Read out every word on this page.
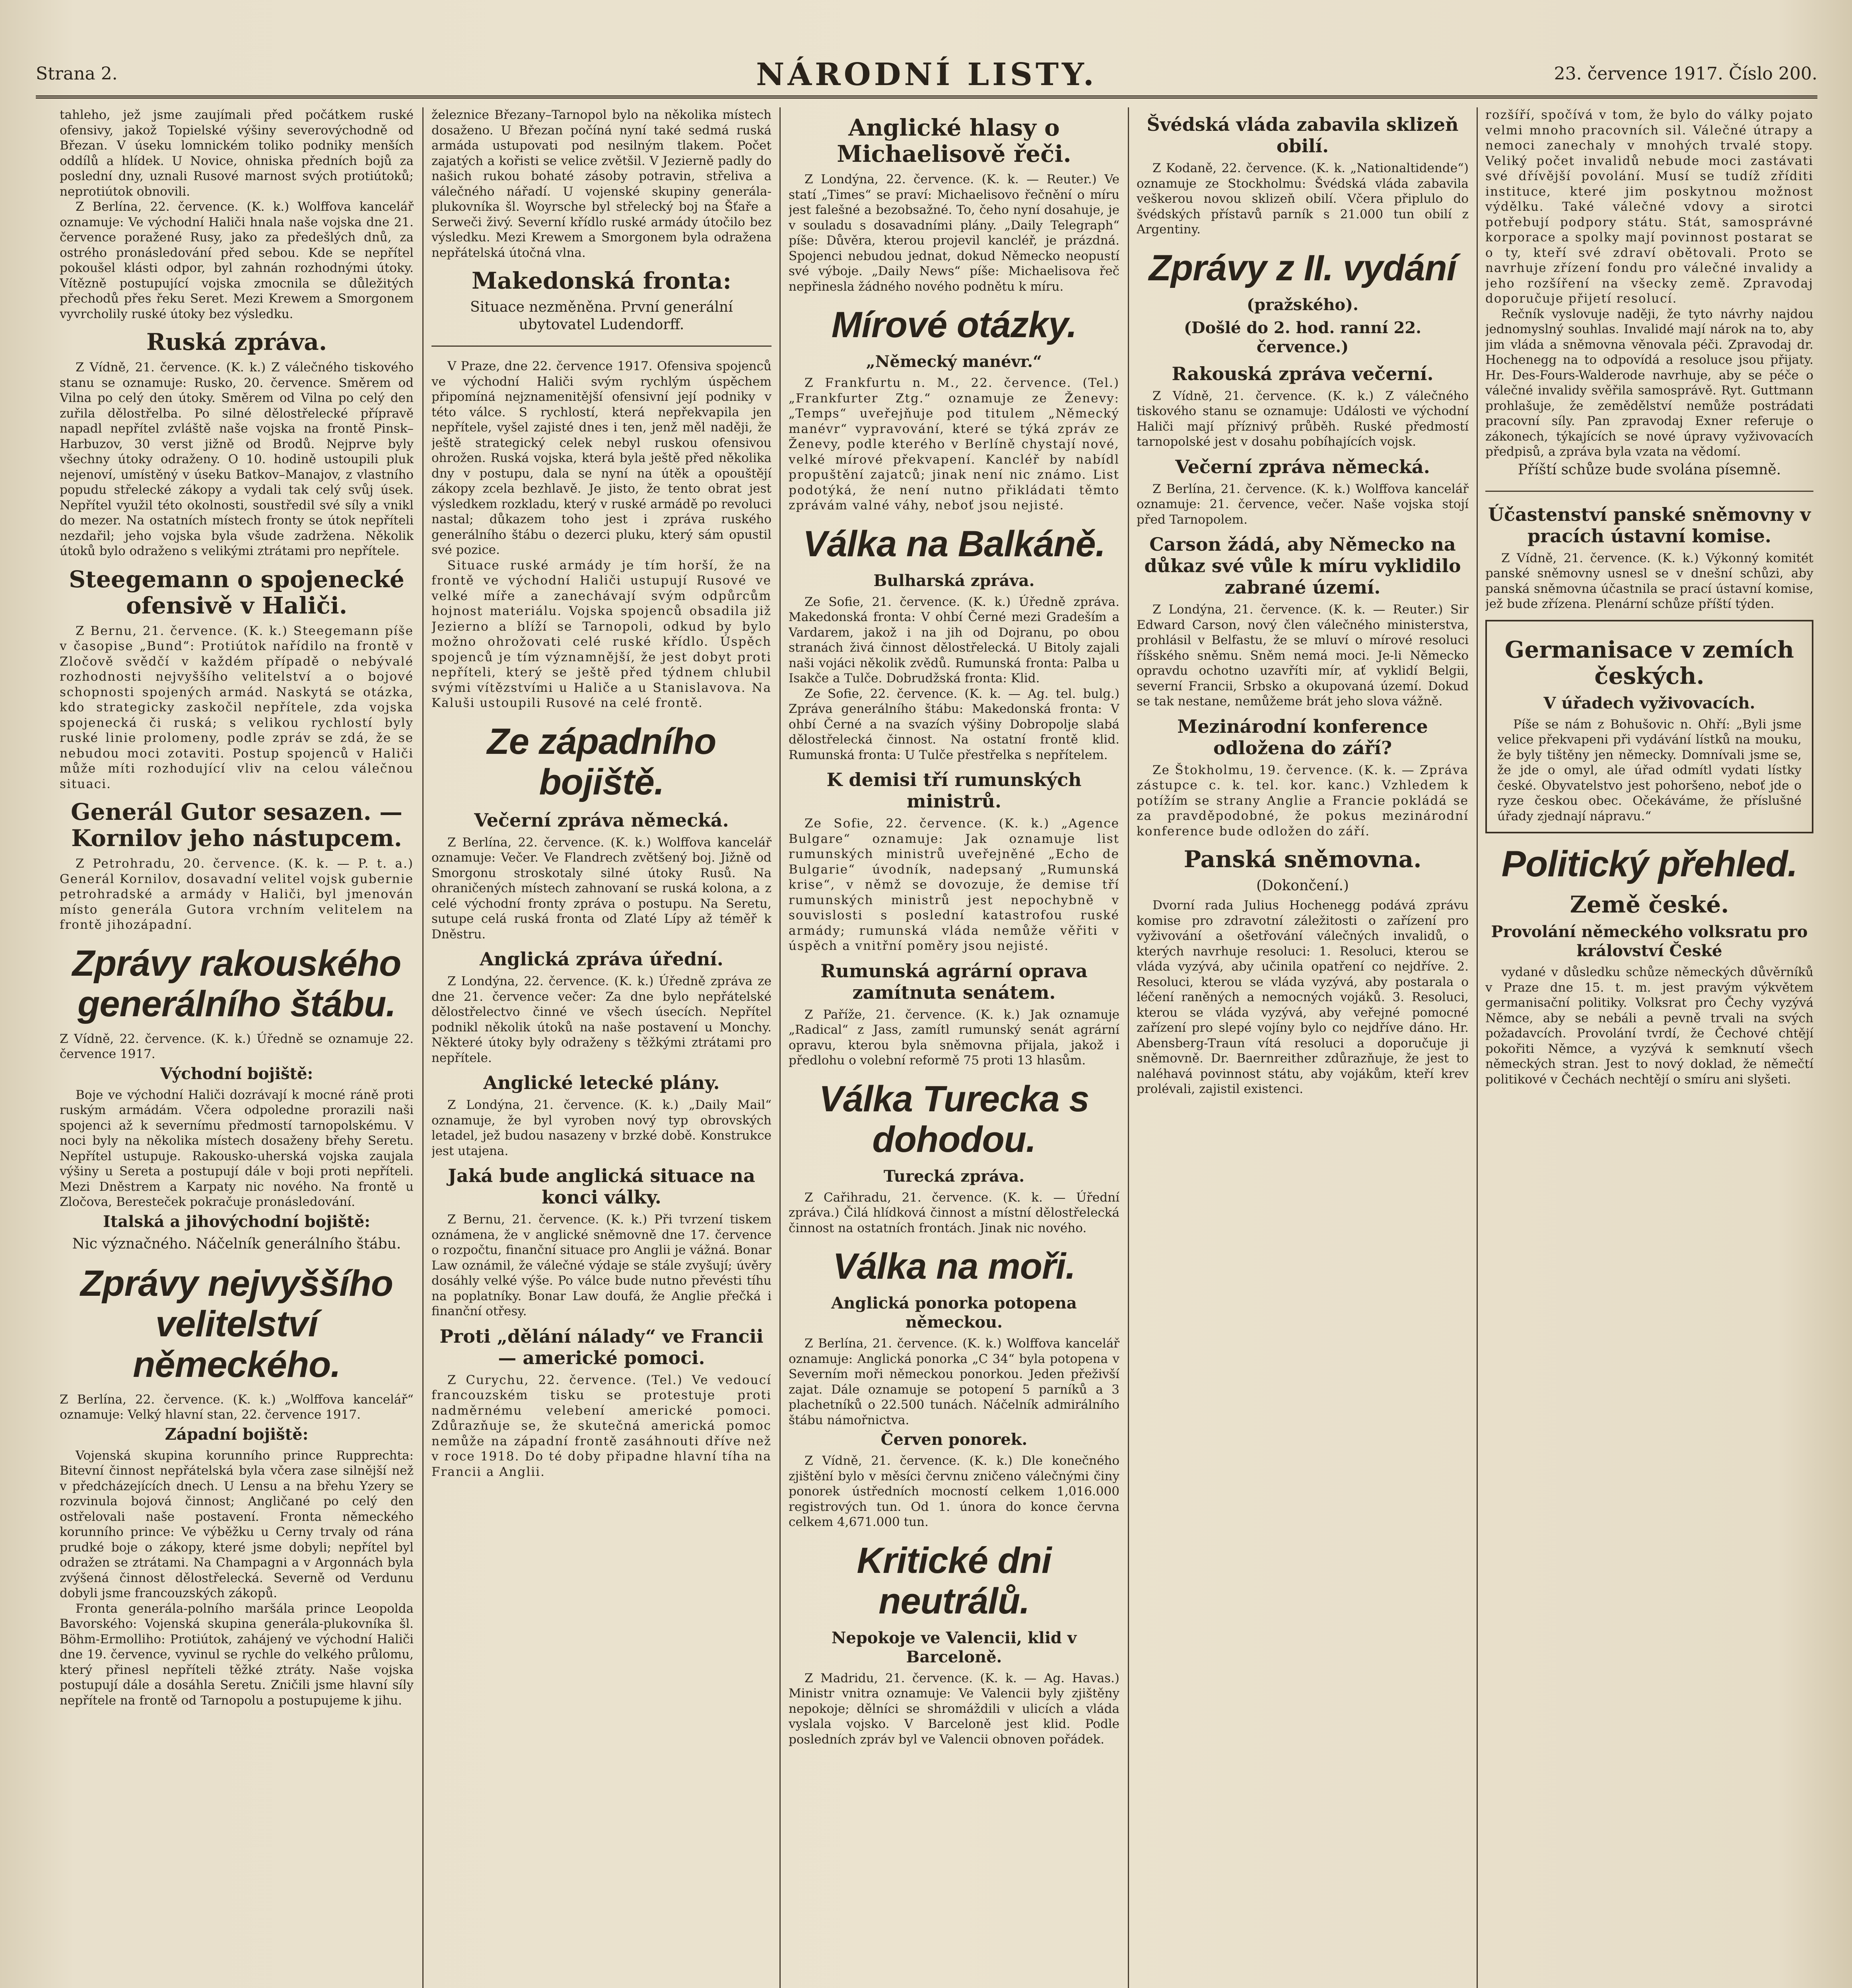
Strana 2.	NÁRODNÍ LISTY.	23. července 1917. Číslo 200.

tahleho, jež jsme zaujímali před počátkem ruské ofensivy, jakož Topielské výšiny severovýchodně od Březan. V úseku lomnickém toliko podniky menších oddílů a hlídek. U Novice, ohniska předních bojů za poslední dny, uznali Rusové marnost svých protiútoků; neprotiútok obnovili.

Z Berlína, 22. července. (K. k.) Wolffova kancelář oznamuje: Ve východní Haliči hnala naše vojska dne 21. července poražené Rusy, jako za předešlých dnů, za ostrého pronásledování před sebou. Kde se nepřítel pokoušel klásti odpor, byl zahnán rozhodnými útoky. Vítězně postupující vojska zmocnila se důležitých přechodů přes řeku Seret. Mezi Krewem a Smorgonem vyvrcholily ruské útoky bez výsledku.

Ruská zpráva.

Z Vídně, 21. července. (K. k.) Z válečného tiskového stanu se oznamuje: Rusko, 20. července. Směrem od Vilna po celý den útoky. Směrem od Vilna po celý den zuřila dělostřelba. Po silné dělostřelecké přípravě napadl nepřítel zvláště naše vojska na frontě Pinsk–Harbuzov, 30 verst jižně od Brodů. Nejprve byly všechny útoky odraženy. O 10. hodině ustoupili pluk nejenoví, umístěný v úseku Batkov–Manajov, z vlastního popudu střelecké zákopy a vydali tak celý svůj úsek. Nepřítel využil této okolnosti, soustředil své síly a vnikl do mezer. Na ostatních místech fronty se útok nepříteli nezdařil; jeho vojska byla všude zadržena. Několik útoků bylo odraženo s velikými ztrátami pro nepřítele.

Steegemann o spojenecké ofensivě v Haliči.

Z Bernu, 21. července. (K. k.) Steegemann píše v časopise „Bund“: Protiútok nařídilo na frontě v Zločově svědčí v každém případě o nebývalé rozhodnosti nejvyššího velitelství a o bojové schopnosti spojených armád. Naskytá se otázka, kdo strategicky zaskočil nepřítele, zda vojska spojenecká či ruská; s velikou rychlostí byly ruské linie prolomeny, podle zpráv se zdá, že se nebudou moci zotaviti. Postup spojenců v Haliči může míti rozhodující vliv na celou válečnou situaci.

Generál Gutor sesazen. — Kornilov jeho nástupcem.

Z Petrohradu, 20. července. (K. k. — P. t. a.) Generál Kornilov, dosavadní velitel vojsk gubernie petrohradské a armády v Haliči, byl jmenován místo generála Gutora vrchním velitelem na frontě jihozápadní.

Zprávy rakouského generálního štábu.

Z Vídně, 22. července. (K. k.) Úředně se oznamuje 22. července 1917.

Východní bojiště:

Boje ve východní Haliči dozrávají k mocné ráně proti ruským armádám. Včera odpoledne prorazili naši spojenci až k severnímu předmostí tarnopolskému. V noci byly na několika místech dosaženy břehy Seretu. Nepřítel ustupuje. Rakousko-uherská vojska zaujala výšiny u Sereta a postupují dále v boji proti nepříteli. Mezi Dněstrem a Karpaty nic nového. Na frontě u Zločova, Beresteček pokračuje pronásledování.

Italská a jihovýchodní bojiště:

Nic význačného. Náčelník generálního štábu.

Zprávy nejvyššího velitelství německého.

Z Berlína, 22. července. (K. k.) „Wolffova kancelář“ oznamuje: Velký hlavní stan, 22. července 1917.

Západní bojiště:

Vojenská skupina korunního prince Rupprechta: Bitevní činnost nepřátelská byla včera zase silnější než v předcházejících dnech. U Lensu a na břehu Yzery se rozvinula bojová činnost; Angličané po celý den ostřelovali naše postavení. Fronta německého korunního prince: Ve výběžku u Cerny trvaly od rána prudké boje o zákopy, které jsme dobyli; nepřítel byl odražen se ztrátami. Na Champagni a v Argonnách byla zvýšená činnost dělostřelecká. Severně od Verdunu dobyli jsme francouzských zákopů.

Fronta generála-polního maršála prince Leopolda Bavorského: Vojenská skupina generála-plukovníka šl. Böhm-Ermolliho: Protiútok, zahájený ve východní Haliči dne 19. července, vyvinul se rychle do velkého průlomu, který přinesl nepříteli těžké ztráty. Naše vojska postupují dále a dosáhla Seretu. Zničili jsme hlavní síly nepřítele na frontě od Tarnopolu a postupujeme k jihu.

železnice Březany–Tarnopol bylo na několika místech dosaženo. U Březan počíná nyní také sedmá ruská armáda ustupovati pod nesilným tlakem. Počet zajatých a kořisti se velice zvětšil. V Jezierně padly do našich rukou bohaté zásoby potravin, střeliva a válečného nářadí. U vojenské skupiny generála-plukovníka šl. Woyrsche byl střelecký boj na Šťaře a Serweči živý. Severní křídlo ruské armády útočilo bez výsledku. Mezi Krewem a Smorgonem byla odražena nepřátelská útočná vlna.

Makedonská fronta:

Situace nezměněna. První generální ubytovatel Ludendorff.

V Praze, dne 22. července 1917. Ofensiva spojenců ve východní Haliči svým rychlým úspěchem připomíná nejznamenitější ofensivní její podniky v této válce. S rychlostí, která nepřekvapila jen nepřítele, vyšel zajisté dnes i ten, jenž měl naději, že ještě strategický celek nebyl ruskou ofensivou ohrožen. Ruská vojska, která byla ještě před několika dny v postupu, dala se nyní na útěk a opouštějí zákopy zcela bezhlavě. Je jisto, že tento obrat jest výsledkem rozkladu, který v ruské armádě po revoluci nastal; důkazem toho jest i zpráva ruského generálního štábu o dezerci pluku, který sám opustil své pozice.

Situace ruské armády je tím horší, že na frontě ve východní Haliči ustupují Rusové ve velké míře a zanechávají svým odpůrcům hojnost materiálu. Vojska spojenců obsadila již Jezierno a blíží se Tarnopoli, odkud by bylo možno ohrožovati celé ruské křídlo. Úspěch spojenců je tím významnější, že jest dobyt proti nepříteli, který se ještě před týdnem chlubil svými vítězstvími u Haliče a u Stanislavova. Na Kaluši ustoupili Rusové na celé frontě.

Ze západního bojiště.
Večerní zpráva německá.

Z Berlína, 22. července. (K. k.) Wolffova kancelář oznamuje: Večer. Ve Flandrech zvětšený boj. Jižně od Smorgonu stroskotaly silné útoky Rusů. Na ohraničených místech zahnovaní se ruská kolona, a z celé východní fronty zpráva o postupu. Na Seretu, sutupe celá ruská fronta od Zlaté Lípy až téměř k Dněstru.

Anglická zpráva úřední.

Z Londýna, 22. července. (K. k.) Úředně zpráva ze dne 21. července večer: Za dne bylo nepřátelské dělostřelectvo činné ve všech úsecích. Nepřítel podnikl několik útoků na naše postavení u Monchy. Některé útoky byly odraženy s těžkými ztrátami pro nepřítele.

Anglické letecké plány.

Z Londýna, 21. července. (K. k.) „Daily Mail“ oznamuje, že byl vyroben nový typ obrovských letadel, jež budou nasazeny v brzké době. Konstrukce jest utajena.

Jaká bude anglická situace na konci války.

Z Bernu, 21. července. (K. k.) Při tvrzení tiskem oznámena, že v anglické sněmovně dne 17. července o rozpočtu, finanční situace pro Anglii je vážná. Bonar Law oznámil, že válečné výdaje se stále zvyšují; úvěry dosáhly velké výše. Po válce bude nutno převésti tíhu na poplatníky. Bonar Law doufá, že Anglie přečká i finanční otřesy.

Proti „dělání nálady“ ve Francii — americké pomoci.

Z Curychu, 22. července. (Tel.) Ve vedoucí francouzském tisku se protestuje proti nadměrnému velebení americké pomoci. Zdůrazňuje se, že skutečná americká pomoc nemůže na západní frontě zasáhnouti dříve než v roce 1918. Do té doby připadne hlavní tíha na Francii a Anglii.

Anglické hlasy o Michaelisově řeči.

Z Londýna, 22. července. (K. k. — Reuter.) Ve statí „Times“ se praví: Michaelisovo řečnění o míru jest falešné a bezobsažné. To, čeho nyní dosahuje, je v souladu s dosavadními plány. „Daily Telegraph“ píše: Důvěra, kterou projevil kancléř, je prázdná. Spojenci nebudou jednat, dokud Německo neopustí své výboje. „Daily News“ píše: Michaelisova řeč nepřinesla žádného nového podnětu k míru.

Mírové otázky.
„Německý manévr.“

Z Frankfurtu n. M., 22. července. (Tel.) „Frankfurter Ztg.“ oznamuje ze Ženevy: „Temps“ uveřejňuje pod titulem „Německý manévr“ vypravování, které se týká zpráv ze Ženevy, podle kterého v Berlíně chystají nové, velké mírové překvapení. Kancléř by nabídl propuštění zajatců; jinak není nic známo. List podotýká, že není nutno přikládati těmto zprávám valné váhy, neboť jsou nejisté.

Válka na Balkáně.
Bulharská zpráva.

Ze Sofie, 21. července. (K. k.) Úředně zpráva. Makedonská fronta: V ohbí Černé mezi Gradeším a Vardarem, jakož i na jih od Dojranu, po obou stranách živá činnost dělostřelecká. U Bitoly zajali naši vojáci několik zvědů. Rumunská fronta: Palba u Isakče a Tulče. Dobrudžská fronta: Klid.

Ze Sofie, 22. července. (K. k. — Ag. tel. bulg.) Zpráva generálního štábu: Makedonská fronta: V ohbí Černé a na svazích výšiny Dobropolje slabá dělostřelecká činnost. Na ostatní frontě klid. Rumunská fronta: U Tulče přestřelka s nepřítelem.

K demisi tří rumunských ministrů.

Ze Sofie, 22. července. (K. k.) „Agence Bulgare“ oznamuje: Jak oznamuje list rumunských ministrů uveřejněné „Echo de Bulgarie“ úvodník, nadepsaný „Rumunská krise“, v němž se dovozuje, že demise tří rumunských ministrů jest nepochybně v souvislosti s poslední katastrofou ruské armády; rumunská vláda nemůže věřiti v úspěch a vnitřní poměry jsou nejisté.

Rumunská agrární oprava zamítnuta senátem.

Z Paříže, 21. července. (K. k.) Jak oznamuje „Radical“ z Jass, zamítl rumunský senát agrární opravu, kterou byla sněmovna přijala, jakož i předlohu o volební reformě 75 proti 13 hlasům.

Válka Turecka s dohodou.
Turecká zpráva.

Z Cařihradu, 21. července. (K. k. — Úřední zpráva.) Čilá hlídková činnost a místní dělostřelecká činnost na ostatních frontách. Jinak nic nového.

Válka na moři.
Anglická ponorka potopena německou.

Z Berlína, 21. července. (K. k.) Wolffova kancelář oznamuje: Anglická ponorka „C 34“ byla potopena v Severním moři německou ponorkou. Jeden přeživší zajat. Dále oznamuje se potopení 5 parníků a 3 plachetníků o 22.500 tunách. Náčelník admirálního štábu námořnictva.

Červen ponorek.

Z Vídně, 21. července. (K. k.) Dle konečného zjištění bylo v měsíci červnu zničeno válečnými činy ponorek ústředních mocností celkem 1,016.000 registrových tun. Od 1. února do konce června celkem 4,671.000 tun.

Kritické dni neutrálů.
Nepokoje ve Valencii, klid v Barceloně.

Z Madridu, 21. července. (K. k. — Ag. Havas.) Ministr vnitra oznamuje: Ve Valencii byly zjištěny nepokoje; dělníci se shromáždili v ulicích a vláda vyslala vojsko. V Barceloně jest klid. Podle posledních zpráv byl ve Valencii obnoven pořádek.

Švédská vláda zabavila sklizeň obilí.

Z Kodaně, 22. července. (K. k. „Nationaltidende“) oznamuje ze Stockholmu: Švédská vláda zabavila veškerou novou sklizeň obilí. Včera připlulo do švédských přístavů parník s 21.000 tun obilí z Argentiny.

Zprávy z II. vydání
(pražského).
(Došlé do 2. hod. ranní 22. července.)
Rakouská zpráva večerní.

Z Vídně, 21. července. (K. k.) Z válečného tiskového stanu se oznamuje: Události ve východní Haliči mají příznivý průběh. Ruské předmostí tarnopolské jest v dosahu pobíhajících vojsk.

Večerní zpráva německá.

Z Berlína, 21. července. (K. k.) Wolffova kancelář oznamuje: 21. července, večer. Naše vojska stojí před Tarnopolem.

Carson žádá, aby Německo na důkaz své vůle k míru vyklidilo zabrané území.

Z Londýna, 21. července. (K. k. — Reuter.) Sir Edward Carson, nový člen válečného ministerstva, prohlásil v Belfastu, že se mluví o mírové resoluci říšského sněmu. Sněm nemá moci. Je-li Německo opravdu ochotno uzavříti mír, ať vyklidí Belgii, severní Francii, Srbsko a okupovaná území. Dokud se tak nestane, nemůžeme brát jeho slova vážně.

Mezinárodní konference odložena do září?

Ze Štokholmu, 19. července. (K. k. — Zpráva zástupce c. k. tel. kor. kanc.) Vzhledem k potížím se strany Anglie a Francie pokládá se za pravděpodobné, že pokus mezinárodní konference bude odložen do září.

Panská sněmovna.
(Dokončení.)

Dvorní rada Julius Hochenegg podává zprávu komise pro zdravotní záležitosti o zařízení pro vyživování a ošetřování válečných invalidů, o kterých navrhuje resoluci: 1. Resoluci, kterou se vláda vyzývá, aby učinila opatření co nejdříve. 2. Resoluci, kterou se vláda vyzývá, aby postarala o léčení raněných a nemocných vojáků. 3. Resoluci, kterou se vláda vyzývá, aby veřejné pomocné zařízení pro slepé vojíny bylo co nejdříve dáno. Hr. Abensberg-Traun vítá resoluci a doporučuje ji sněmovně. Dr. Baernreither zdůrazňuje, že jest to naléhavá povinnost státu, aby vojákům, kteří krev prolévali, zajistil existenci.

rozšíří, spočívá v tom, že bylo do války pojato velmi mnoho pracovních sil. Válečné útrapy a nemoci zanechaly v mnohých trvalé stopy. Veliký počet invalidů nebude moci zastávati své dřívější povolání. Musí se tudíž zříditi instituce, které jim poskytnou možnost výdělku. Také válečné vdovy a sirotci potřebují podpory státu. Stát, samosprávné korporace a spolky mají povinnost postarat se o ty, kteří své zdraví obětovali. Proto se navrhuje zřízení fondu pro válečné invalidy a jeho rozšíření na všecky země. Zpravodaj doporučuje přijetí resolucí.

Rečník vyslovuje naději, že tyto návrhy najdou jednomyslný souhlas. Invalidé mají nárok na to, aby jim vláda a sněmovna věnovala péči. Zpravodaj dr. Hochenegg na to odpovídá a resoluce jsou přijaty. Hr. Des-Fours-Walderode navrhuje, aby se péče o válečné invalidy svěřila samosprávě. Ryt. Guttmann prohlašuje, že zemědělství nemůže postrádati pracovní síly. Pan zpravodaj Exner referuje o zákonech, týkajících se nové úpravy vyživovacích předpisů, a zpráva byla vzata na vědomí.

Příští schůze bude svolána písemně.

Účastenství panské sněmovny v pracích ústavní komise.

Z Vídně, 21. července. (K. k.) Výkonný komitét panské sněmovny usnesl se v dnešní schůzi, aby panská sněmovna účastnila se prací ústavní komise, jež bude zřízena. Plenární schůze příští týden.

Germanisace v zemích českých.
V úřadech vyživovacích.

Píše se nám z Bohušovic n. Ohří: „Byli jsme velice překvapeni při vydávání lístků na mouku, že byly tištěny jen německy. Domnívali jsme se, že jde o omyl, ale úřad odmítl vydati lístky české. Obyvatelstvo jest pohoršeno, neboť jde o ryze českou obec. Očekáváme, že příslušné úřady zjednají nápravu.“

Politický přehled.
Země české.
Provolání německého volksratu pro království České

vydané v důsledku schůze německých důvěrníků v Praze dne 15. t. m. jest pravým výkvětem germanisační politiky. Volksrat pro Čechy vyzývá Němce, aby se nebáli a pevně trvali na svých požadavcích. Provolání tvrdí, že Čechové chtějí pokořiti Němce, a vyzývá k semknutí všech německých stran. Jest to nový doklad, že němečtí politikové v Čechách nechtějí o smíru ani slyšeti.
